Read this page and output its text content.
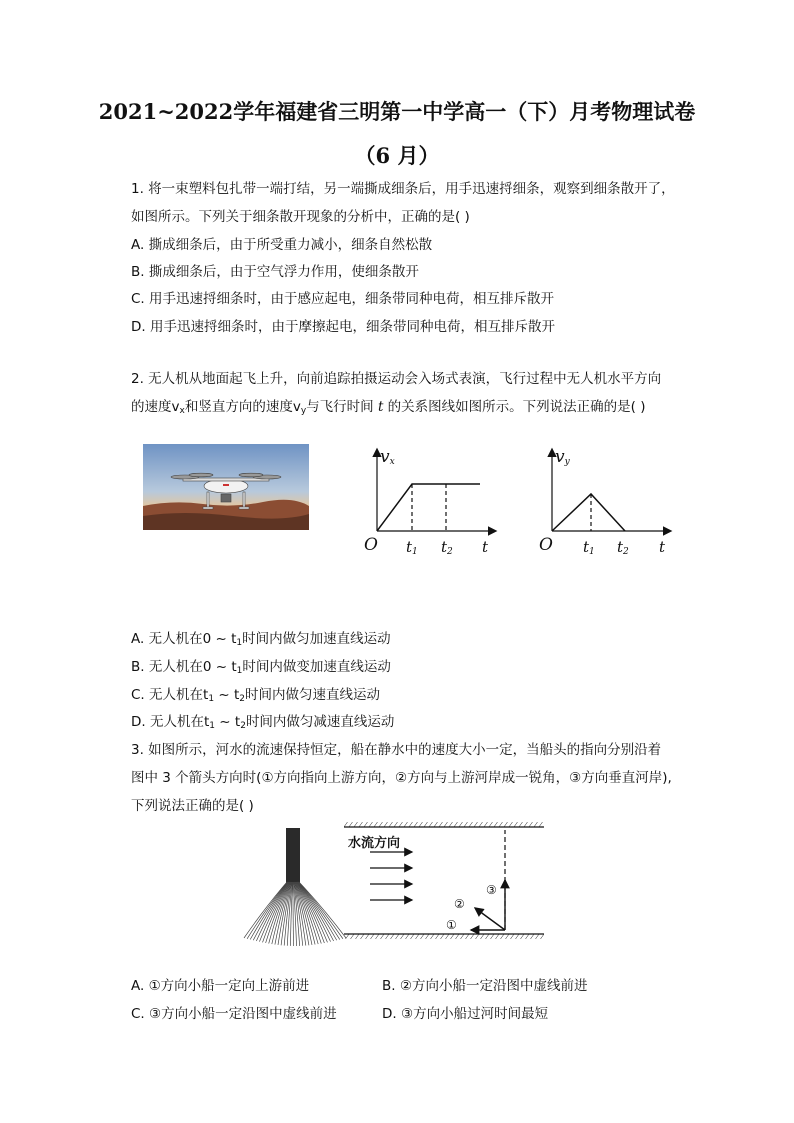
2021~2022学年福建省三明第一中学高一（下）月考物理试卷
（6 月）
1. 将一束塑料包扎带一端打结，另一端撕成细条后，用手迅速捋细条，观察到细条散开了，
如图所示。下列关于细条散开现象的分析中，正确的是( )
A. 撕成细条后，由于所受重力减小，细条自然松散
B. 撕成细条后，由于空气浮力作用，使细条散开
C. 用手迅速捋细条时，由于感应起电，细条带同种电荷，相互排斥散开
D. 用手迅速捋细条时，由于摩擦起电，细条带同种电荷，相互排斥散开
2. 无人机从地面起飞上升，向前追踪拍摄运动会入场式表演，飞行过程中无人机水平方向
的速度$v_x$和竖直方向的速度$v_y$与飞行时间 t 的关系图线如图所示。下列说法正确的是( )
$v_x$
O $t_1$ $t_2$ t
$v_y$
O $t_1$ $t_2$ t
A. 无人机在0 ~ $t_1$时间内做匀加速直线运动
B. 无人机在0 ~ $t_1$时间内做变加速直线运动
C. 无人机在$t_1$ ~ $t_2$时间内做匀速直线运动
D. 无人机在$t_1$ ~ $t_2$时间内做匀减速直线运动
3. 如图所示，河水的流速保持恒定，船在静水中的速度大小一定，当船头的指向分别沿着
图中 3 个箭头方向时(①方向指向上游方向，②方向与上游河岸成一锐角，③方向垂直河岸),
下列说法正确的是( )
水流方向
①
②
③
A. ①方向小船一定向上游前进	B. ②方向小船一定沿图中虚线前进
C. ③方向小船一定沿图中虚线前进	D. ③方向小船过河时间最短
